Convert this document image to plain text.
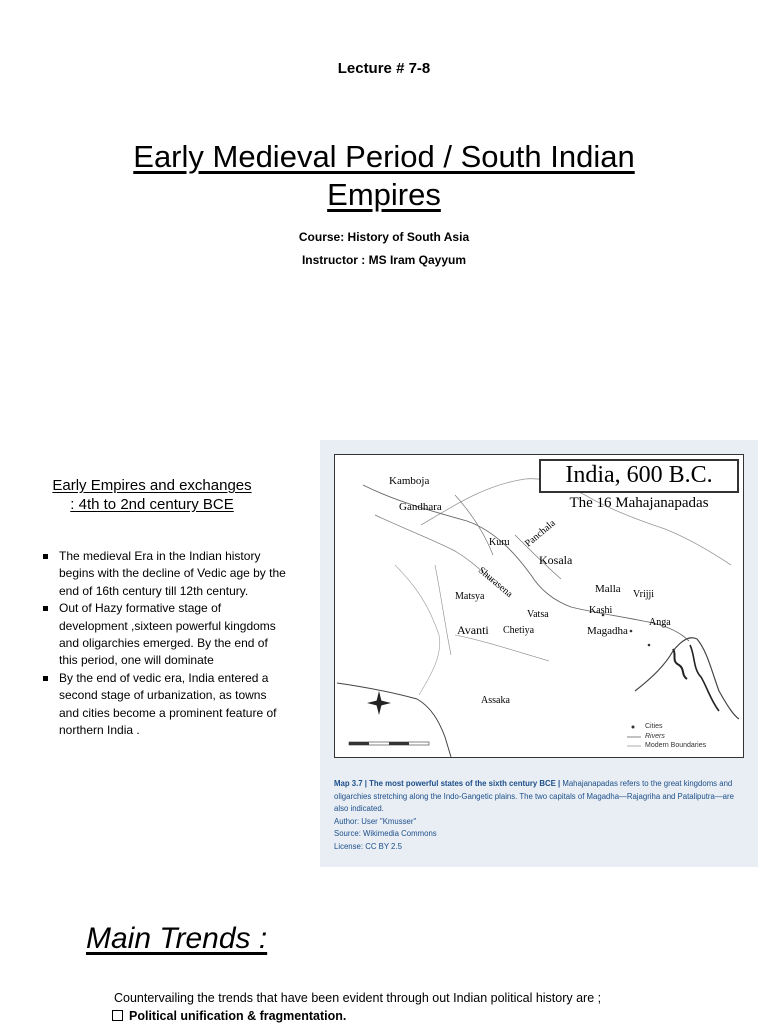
Lecture # 7-8
Early Medieval Period / South Indian
Empires
Course: History of South Asia
Instructor : MS Iram Qayyum
Early Empires and exchanges
: 4th to 2nd century BCE
The medieval Era in the Indian history begins with the decline of Vedic age by the end of 16th century till 12th century.
Out of Hazy formative stage of development ,sixteen powerful kingdoms and oligarchies emerged. By the end of this period, one will dominate
By the end of vedic era, India entered a second stage of urbanization, as towns and cities become a prominent feature of northern India .
India, 600 B.C.
The 16 Mahajanapadas
Kamboja
Gandhara
Kuru Panchala
Shurasena
Kosala
Malla Vrijji
Matsya
Vatsa	Kashi
Avanti Chetiya	Magadha
Anga
Assaka
Cities
Rivers
Modern Boundaries
Map 3.7 | The most powerful states of the sixth century BCE | Mahajanapadas refers to the great kingdoms and oligarchies stretching along the Indo-Gangetic plains. The two capitals of Magadha—Rajagriha and Pataliputra—are also indicated.
Author: User "Kmusser"
Source: Wikimedia Commons
License: CC BY 2.5
Main Trends :
Countervailing the trends that have been evident through out Indian political history are ;
Political unification & fragmentation.
